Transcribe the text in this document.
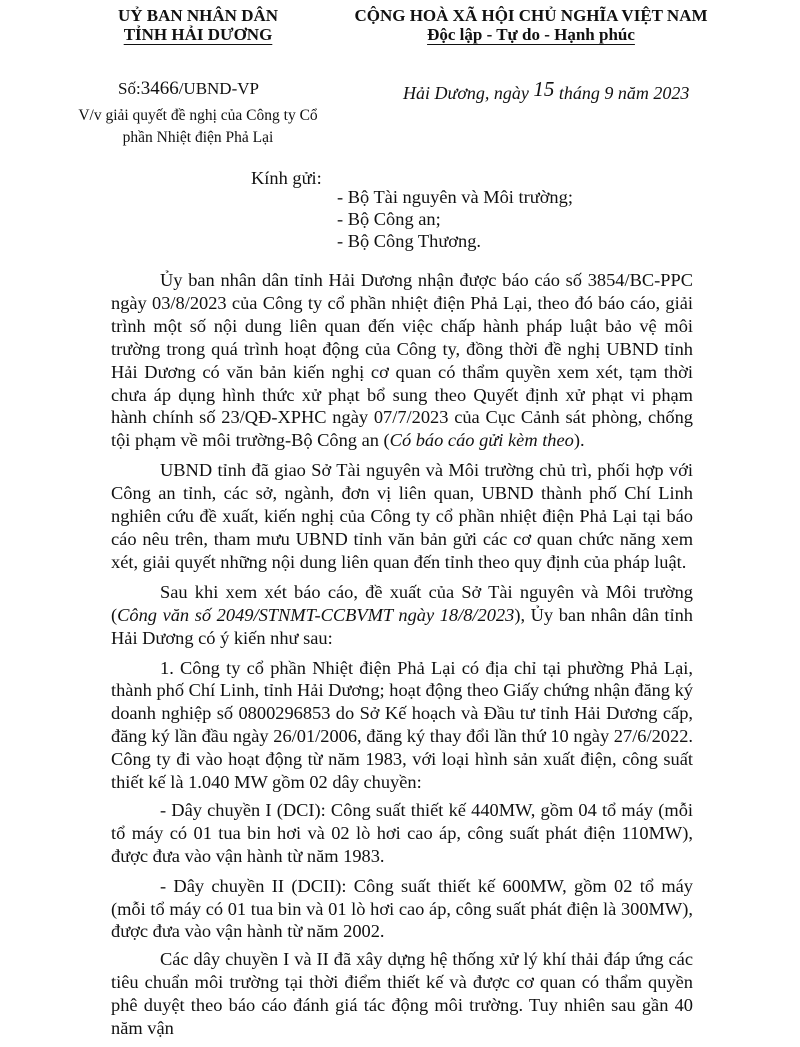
UỶ BAN NHÂN DÂN
TỈNH HẢI DƯƠNG
CỘNG HOÀ XÃ HỘI CHỦ NGHĨA VIỆT NAM
Độc lập - Tự do - Hạnh phúc
Số:3466/UBND-VP
V/v giải quyết đề nghị của Công ty Cổ
phần Nhiệt điện Phả Lại
Hải Dương, ngày 15 tháng 9 năm 2023
Kính gửi:
- Bộ Tài nguyên và Môi trường;
- Bộ Công an;
- Bộ Công Thương.

Ủy ban nhân dân tỉnh Hải Dương nhận được báo cáo số 3854/BC-PPC ngày 03/8/2023 của Công ty cổ phần nhiệt điện Phả Lại, theo đó báo cáo, giải trình một số nội dung liên quan đến việc chấp hành pháp luật bảo vệ môi trường trong quá trình hoạt động của Công ty, đồng thời đề nghị UBND tỉnh Hải Dương có văn bản kiến nghị cơ quan có thẩm quyền xem xét, tạm thời chưa áp dụng hình thức xử phạt bổ sung theo Quyết định xử phạt vi phạm hành chính số 23/QĐ-XPHC ngày 07/7/2023 của Cục Cảnh sát phòng, chống tội phạm về môi trường-Bộ Công an (Có báo cáo gửi kèm theo).

UBND tỉnh đã giao Sở Tài nguyên và Môi trường chủ trì, phối hợp với Công an tỉnh, các sở, ngành, đơn vị liên quan, UBND thành phố Chí Linh nghiên cứu đề xuất, kiến nghị của Công ty cổ phần nhiệt điện Phả Lại tại báo cáo nêu trên, tham mưu UBND tỉnh văn bản gửi các cơ quan chức năng xem xét, giải quyết những nội dung liên quan đến tỉnh theo quy định của pháp luật.

Sau khi xem xét báo cáo, đề xuất của Sở Tài nguyên và Môi trường (Công văn số 2049/STNMT-CCBVMT ngày 18/8/2023), Ủy ban nhân dân tỉnh Hải Dương có ý kiến như sau:

1. Công ty cổ phần Nhiệt điện Phả Lại có địa chỉ tại phường Phả Lại, thành phố Chí Linh, tỉnh Hải Dương; hoạt động theo Giấy chứng nhận đăng ký doanh nghiệp số 0800296853 do Sở Kế hoạch và Đầu tư tỉnh Hải Dương cấp, đăng ký lần đầu ngày 26/01/2006, đăng ký thay đổi lần thứ 10 ngày 27/6/2022. Công ty đi vào hoạt động từ năm 1983, với loại hình sản xuất điện, công suất thiết kế là 1.040 MW gồm 02 dây chuyền:

- Dây chuyền I (DCI): Công suất thiết kế 440MW, gồm 04 tổ máy (mỗi tổ máy có 01 tua bin hơi và 02 lò hơi cao áp, công suất phát điện 110MW), được đưa vào vận hành từ năm 1983.

- Dây chuyền II (DCII): Công suất thiết kế 600MW, gồm 02 tổ máy (mỗi tổ máy có 01 tua bin và 01 lò hơi cao áp, công suất phát điện là 300MW), được đưa vào vận hành từ năm 2002.

Các dây chuyền I và II đã xây dựng hệ thống xử lý khí thải đáp ứng các tiêu chuẩn môi trường tại thời điểm thiết kế và được cơ quan có thẩm quyền phê duyệt theo báo cáo đánh giá tác động môi trường. Tuy nhiên sau gần 40 năm vận
